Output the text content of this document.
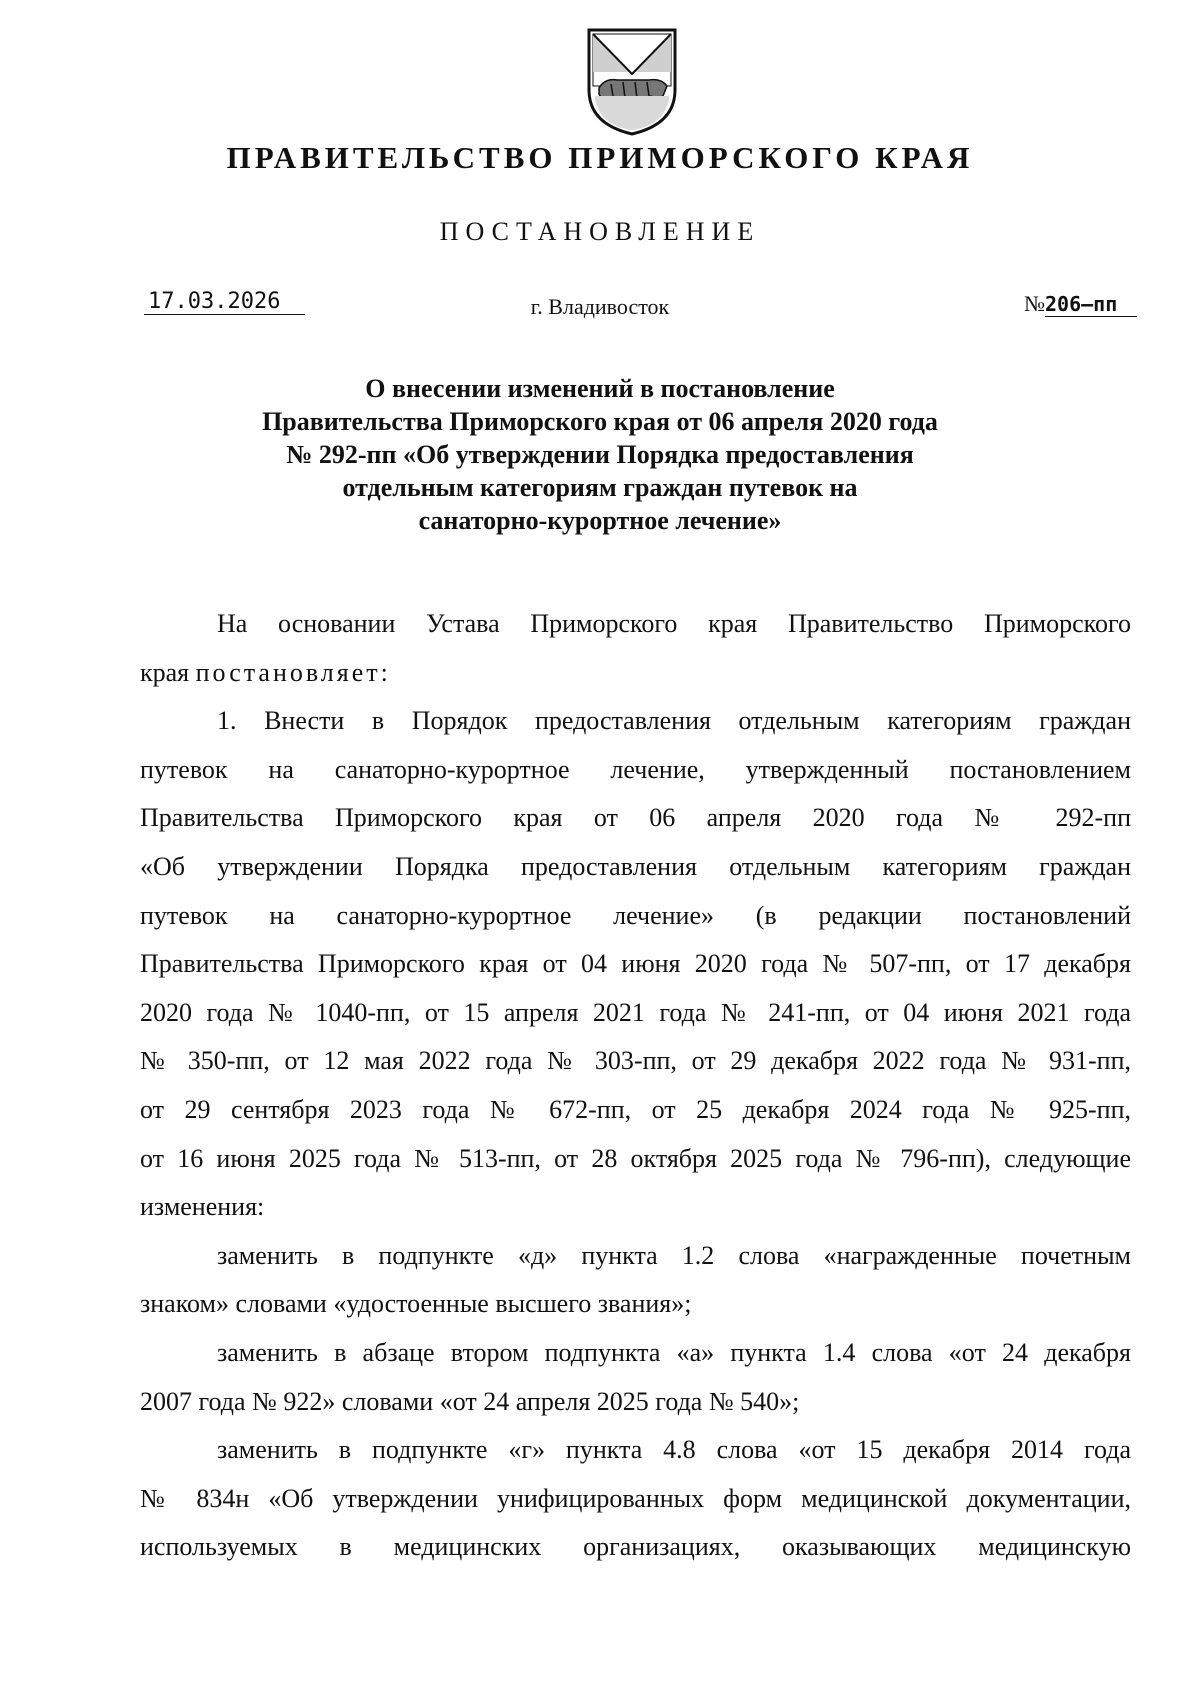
ПРАВИТЕЛЬСТВО ПРИМОРСКОГО КРАЯ
ПОСТАНОВЛЕНИЕ
17.03.2026	г. Владивосток	№206–пп
О внесении изменений в постановление
Правительства Приморского края от 06 апреля 2020 года
№ 292-пп «Об утверждении Порядка предоставления
отдельным категориям граждан путевок на
санаторно-курортное лечение»
На основании Устава Приморского края Правительство Приморского
края постановляет:
1. Внести в Порядок предоставления отдельным категориям граждан
путевок на санаторно-курортное лечение, утвержденный постановлением
Правительства Приморского края от 06 апреля 2020 года № 292-пп
«Об утверждении Порядка предоставления отдельным категориям граждан
путевок на санаторно-курортное лечение» (в редакции постановлений
Правительства Приморского края от 04 июня 2020 года № 507-пп, от 17 декабря
2020 года № 1040-пп, от 15 апреля 2021 года № 241-пп, от 04 июня 2021 года
№ 350-пп, от 12 мая 2022 года № 303-пп, от 29 декабря 2022 года № 931-пп,
от 29 сентября 2023 года № 672-пп, от 25 декабря 2024 года № 925-пп,
от 16 июня 2025 года № 513-пп, от 28 октября 2025 года № 796-пп), следующие
изменения:
заменить в подпункте «д» пункта 1.2 слова «награжденные почетным
знаком» словами «удостоенные высшего звания»;
заменить в абзаце втором подпункта «а» пункта 1.4 слова «от 24 декабря
2007 года № 922» словами «от 24 апреля 2025 года № 540»;
заменить в подпункте «г» пункта 4.8 слова «от 15 декабря 2014 года
№ 834н «Об утверждении унифицированных форм медицинской документации,
используемых в медицинских организациях, оказывающих медицинскую
